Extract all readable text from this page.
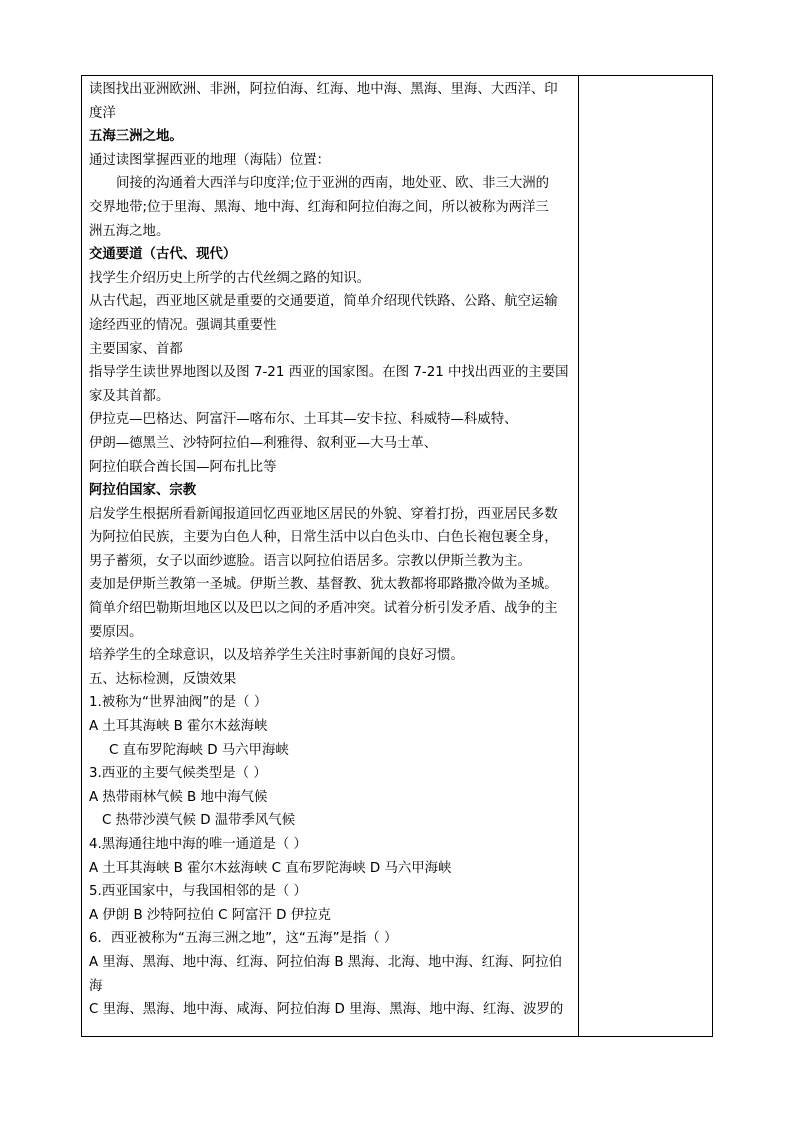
读图找出亚洲欧洲、非洲，阿拉伯海、红海、地中海、黑海、里海、大西洋、印
度洋
五海三洲之地。
通过读图掌握西亚的地理（海陆）位置：
间接的沟通着大西洋与印度洋;位于亚洲的西南，地处亚、欧、非三大洲的
交界地带;位于里海、黑海、地中海、红海和阿拉伯海之间，所以被称为两洋三
洲五海之地。
交通要道（古代、现代）
找学生介绍历史上所学的古代丝绸之路的知识。
从古代起，西亚地区就是重要的交通要道，简单介绍现代铁路、公路、航空运输
途经西亚的情况。强调其重要性
主要国家、首都
指导学生读世界地图以及图 7-21 西亚的国家图。在图 7-21 中找出西亚的主要国
家及其首都。
伊拉克—巴格达、阿富汗—喀布尔、土耳其—安卡拉、科威特—科威特、
伊朗—德黑兰、沙特阿拉伯—利雅得、叙利亚—大马士革、
阿拉伯联合酋长国—阿布扎比等
阿拉伯国家、宗教
启发学生根据所看新闻报道回忆西亚地区居民的外貌、穿着打扮，西亚居民多数
为阿拉伯民族，主要为白色人种，日常生活中以白色头巾、白色长袍包裹全身，
男子蓄须，女子以面纱遮脸。语言以阿拉伯语居多。宗教以伊斯兰教为主。
麦加是伊斯兰教第一圣城。伊斯兰教、基督教、犹太教都将耶路撒冷做为圣城。
简单介绍巴勒斯坦地区以及巴以之间的矛盾冲突。试着分析引发矛盾、战争的主
要原因。
培养学生的全球意识，以及培养学生关注时事新闻的良好习惯。
五、达标检测，反馈效果
1.被称为“世界油阀”的是（ ）
A 土耳其海峡 B 霍尔木兹海峡
C 直布罗陀海峡 D 马六甲海峡
3.西亚的主要气候类型是（ ）
A 热带雨林气候 B 地中海气候
C 热带沙漠气候 D 温带季风气候
4.黑海通往地中海的唯一通道是（ ）
A 土耳其海峡 B 霍尔木兹海峡 C 直布罗陀海峡 D 马六甲海峡
5.西亚国家中，与我国相邻的是（ ）
A 伊朗 B 沙特阿拉伯 C 阿富汗 D 伊拉克
6．西亚被称为“五海三洲之地”，这“五海”是指（ ）
A 里海、黑海、地中海、红海、阿拉伯海 B 黑海、北海、地中海、红海、阿拉伯
海
C 里海、黑海、地中海、咸海、阿拉伯海 D 里海、黑海、地中海、红海、波罗的
